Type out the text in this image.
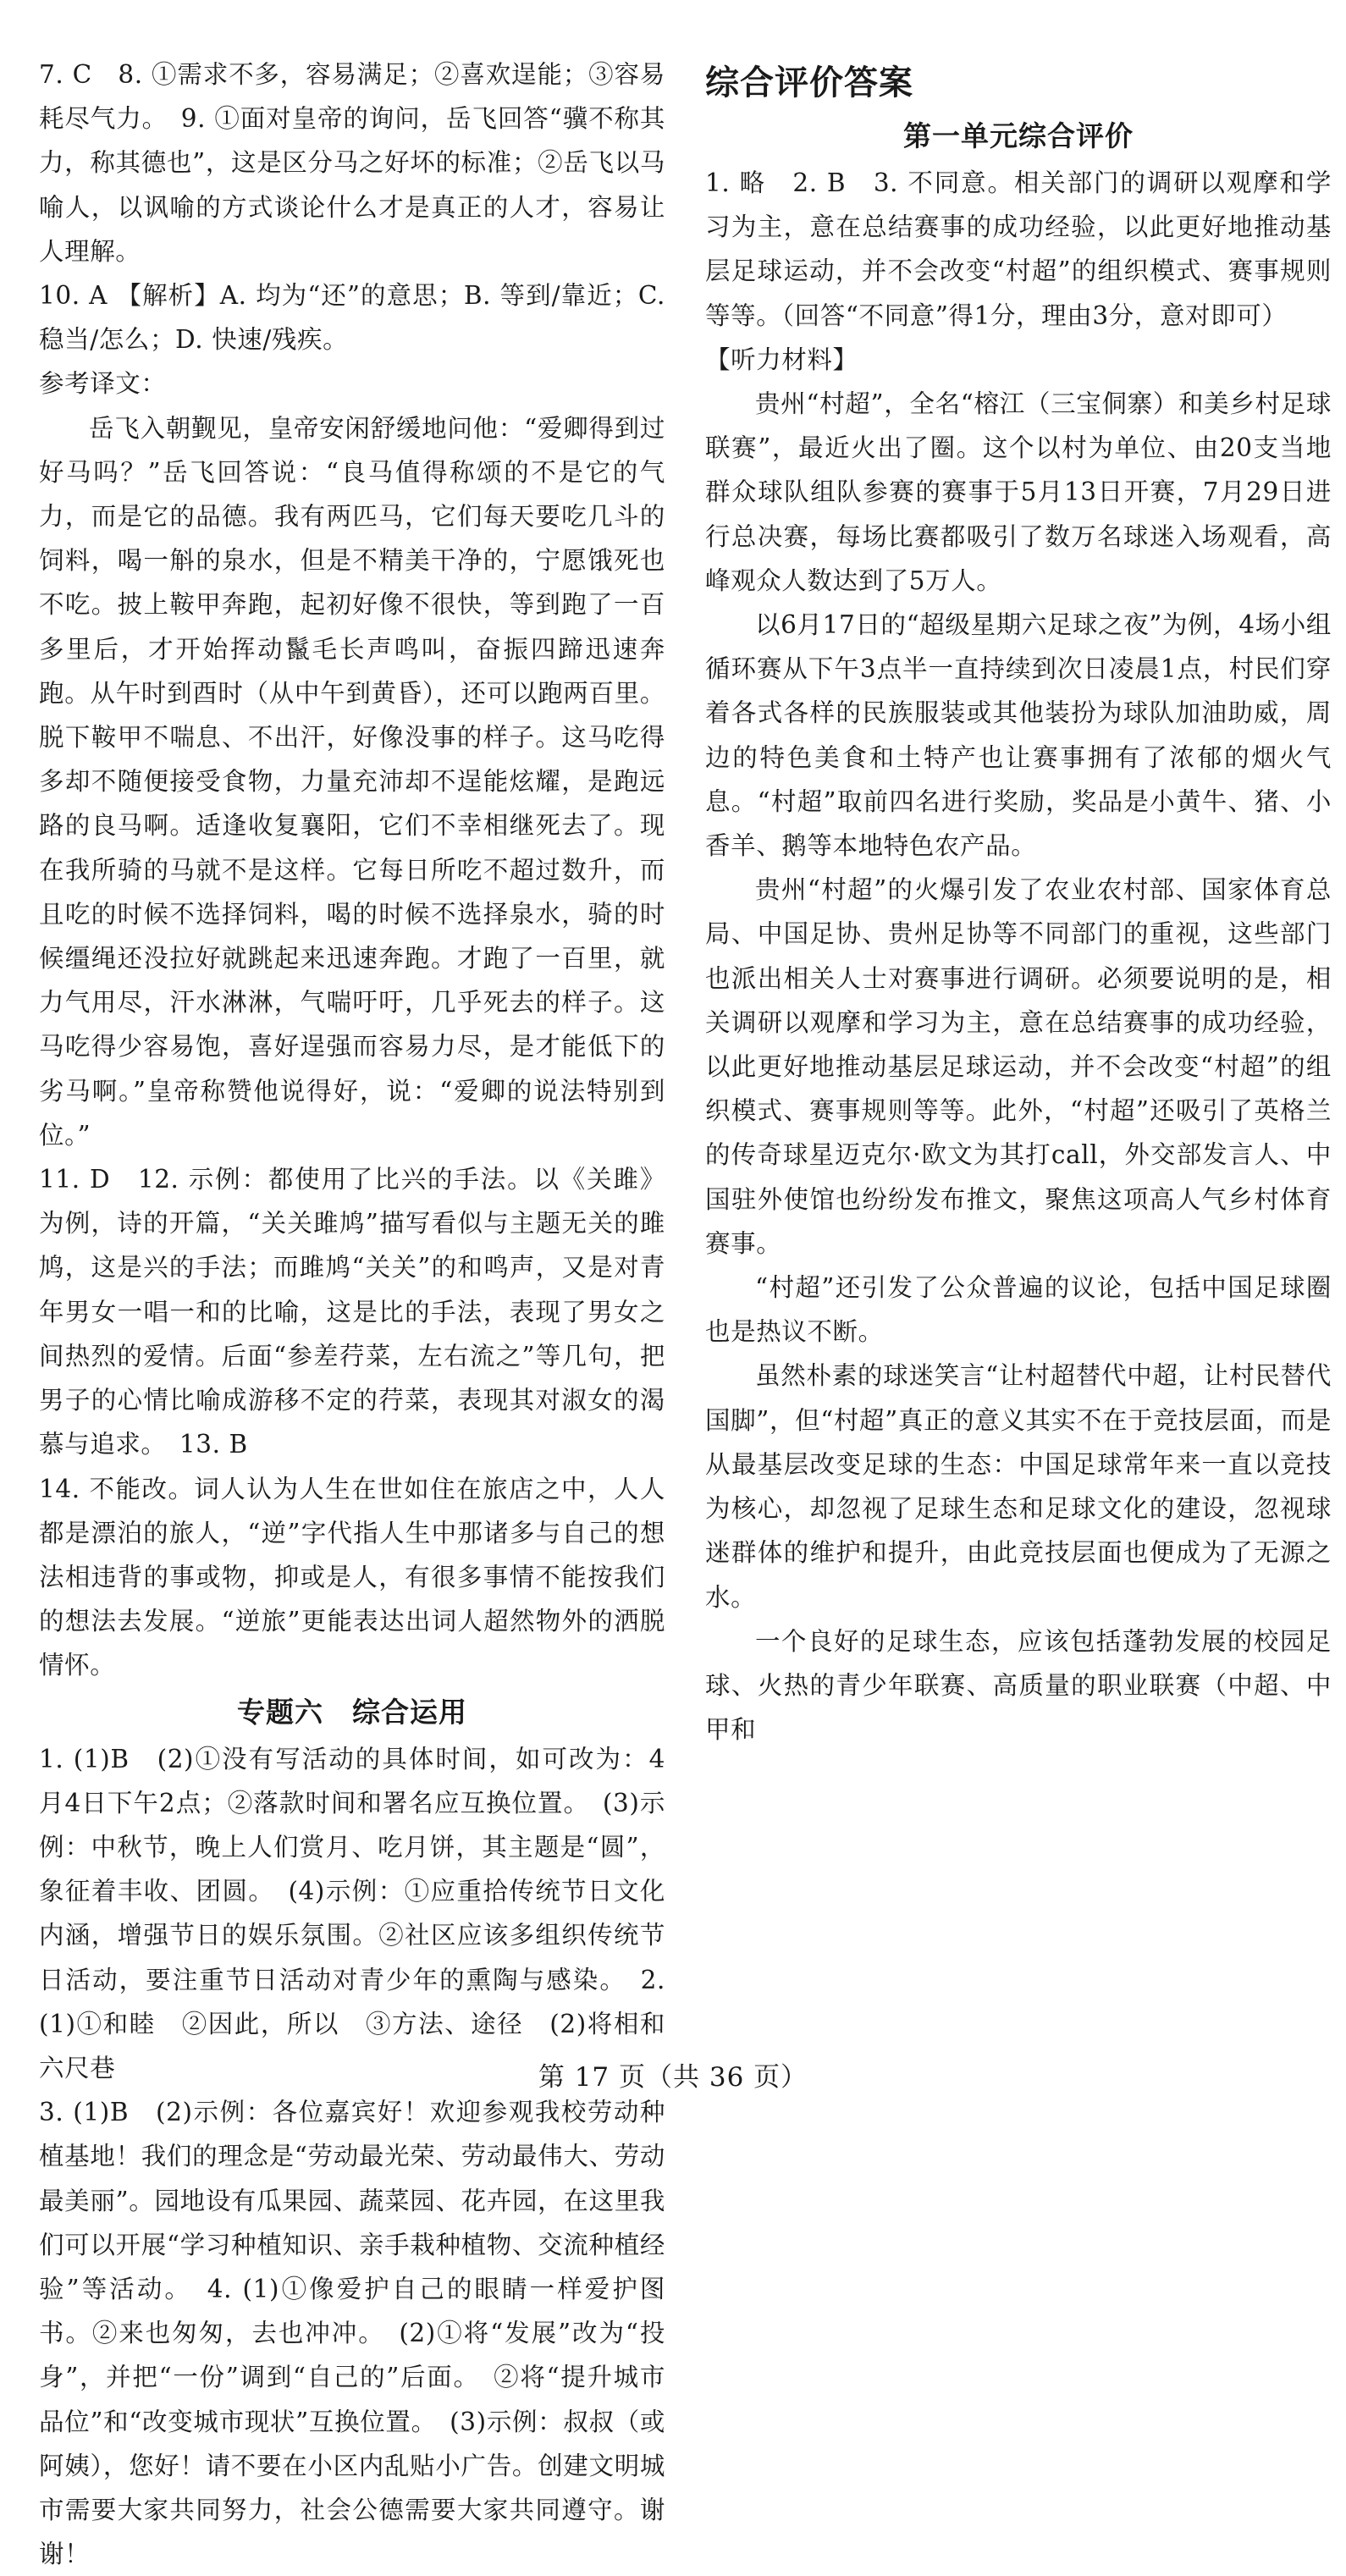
7. C　8. ①需求不多，容易满足；②喜欢逞能；③容易耗尽气力。　9. ①面对皇帝的询问，岳飞回答“骥不称其力，称其德也”，这是区分马之好坏的标准；②岳飞以马喻人，以讽喻的方式谈论什么才是真正的人才，容易让人理解。

10. A 【解析】A. 均为“还”的意思；B. 等到/靠近；C. 稳当/怎么；D. 快速/残疾。

参考译文：

岳飞入朝觐见，皇帝安闲舒缓地问他：“爱卿得到过好马吗？”岳飞回答说：“良马值得称颂的不是它的气力，而是它的品德。我有两匹马，它们每天要吃几斗的饲料，喝一斛的泉水，但是不精美干净的，宁愿饿死也不吃。披上鞍甲奔跑，起初好像不很快，等到跑了一百多里后，才开始挥动鬣毛长声鸣叫，奋振四蹄迅速奔跑。从午时到酉时（从中午到黄昏），还可以跑两百里。脱下鞍甲不喘息、不出汗，好像没事的样子。这马吃得多却不随便接受食物，力量充沛却不逞能炫耀，是跑远路的良马啊。适逢收复襄阳，它们不幸相继死去了。现在我所骑的马就不是这样。它每日所吃不超过数升，而且吃的时候不选择饲料，喝的时候不选择泉水，骑的时候缰绳还没拉好就跳起来迅速奔跑。才跑了一百里，就力气用尽，汗水淋淋，气喘吁吁，几乎死去的样子。这马吃得少容易饱，喜好逞强而容易力尽，是才能低下的劣马啊。”皇帝称赞他说得好，说：“爱卿的说法特别到位。”

11. D　12. 示例：都使用了比兴的手法。以《关雎》为例，诗的开篇，“关关雎鸠”描写看似与主题无关的雎鸠，这是兴的手法；而雎鸠“关关”的和鸣声，又是对青年男女一唱一和的比喻，这是比的手法，表现了男女之间热烈的爱情。后面“参差荇菜，左右流之”等几句，把男子的心情比喻成游移不定的荇菜，表现其对淑女的渴慕与追求。　13. B

14. 不能改。词人认为人生在世如住在旅店之中，人人都是漂泊的旅人，“逆”字代指人生中那诸多与自己的想法相违背的事或物，抑或是人，有很多事情不能按我们的想法去发展。“逆旅”更能表达出词人超然物外的洒脱情怀。

专题六　综合运用

1. (1)B　(2)①没有写活动的具体时间，如可改为：4月4日下午2点；②落款时间和署名应互换位置。　(3)示例：中秋节，晚上人们赏月、吃月饼，其主题是“圆”，象征着丰收、团圆。　(4)示例：①应重拾传统节日文化内涵，增强节日的娱乐氛围。②社区应该多组织传统节日活动，要注重节日活动对青少年的熏陶与感染。　2. (1)①和睦　②因此，所以　③方法、途径　(2)将相和　六尺巷

3. (1)B　(2)示例：各位嘉宾好！欢迎参观我校劳动种植基地！我们的理念是“劳动最光荣、劳动最伟大、劳动最美丽”。园地设有瓜果园、蔬菜园、花卉园，在这里我们可以开展“学习种植知识、亲手栽种植物、交流种植经验”等活动。　4. (1)①像爱护自己的眼睛一样爱护图书。②来也匆匆，去也冲冲。　(2)①将“发展”改为“投身”，并把“一份”调到“自己的”后面。　②将“提升城市品位”和“改变城市现状”互换位置。　(3)示例：叔叔（或阿姨），您好！请不要在小区内乱贴小广告。创建文明城市需要大家共同努力，社会公德需要大家共同遵守。谢谢！

综合评价答案
第一单元综合评价

1. 略　2. B　3. 不同意。相关部门的调研以观摩和学习为主，意在总结赛事的成功经验，以此更好地推动基层足球运动，并不会改变“村超”的组织模式、赛事规则等等。（回答“不同意”得1分，理由3分，意对即可）

【听力材料】

贵州“村超”，全名“榕江（三宝侗寨）和美乡村足球联赛”，最近火出了圈。这个以村为单位、由20支当地群众球队组队参赛的赛事于5月13日开赛，7月29日进行总决赛，每场比赛都吸引了数万名球迷入场观看，高峰观众人数达到了5万人。

以6月17日的“超级星期六足球之夜”为例，4场小组循环赛从下午3点半一直持续到次日凌晨1点，村民们穿着各式各样的民族服装或其他装扮为球队加油助威，周边的特色美食和土特产也让赛事拥有了浓郁的烟火气息。“村超”取前四名进行奖励，奖品是小黄牛、猪、小香羊、鹅等本地特色农产品。

贵州“村超”的火爆引发了农业农村部、国家体育总局、中国足协、贵州足协等不同部门的重视，这些部门也派出相关人士对赛事进行调研。必须要说明的是，相关调研以观摩和学习为主，意在总结赛事的成功经验，以此更好地推动基层足球运动，并不会改变“村超”的组织模式、赛事规则等等。此外，“村超”还吸引了英格兰的传奇球星迈克尔·欧文为其打call，外交部发言人、中国驻外使馆也纷纷发布推文，聚焦这项高人气乡村体育赛事。

“村超”还引发了公众普遍的议论，包括中国足球圈也是热议不断。

虽然朴素的球迷笑言“让村超替代中超，让村民替代国脚”，但“村超”真正的意义其实不在于竞技层面，而是从最基层改变足球的生态：中国足球常年来一直以竞技为核心，却忽视了足球生态和足球文化的建设，忽视球迷群体的维护和提升，由此竞技层面也便成为了无源之水。

一个良好的足球生态，应该包括蓬勃发展的校园足球、火热的青少年联赛、高质量的职业联赛（中超、中甲和

第 17 页（共 36 页）
